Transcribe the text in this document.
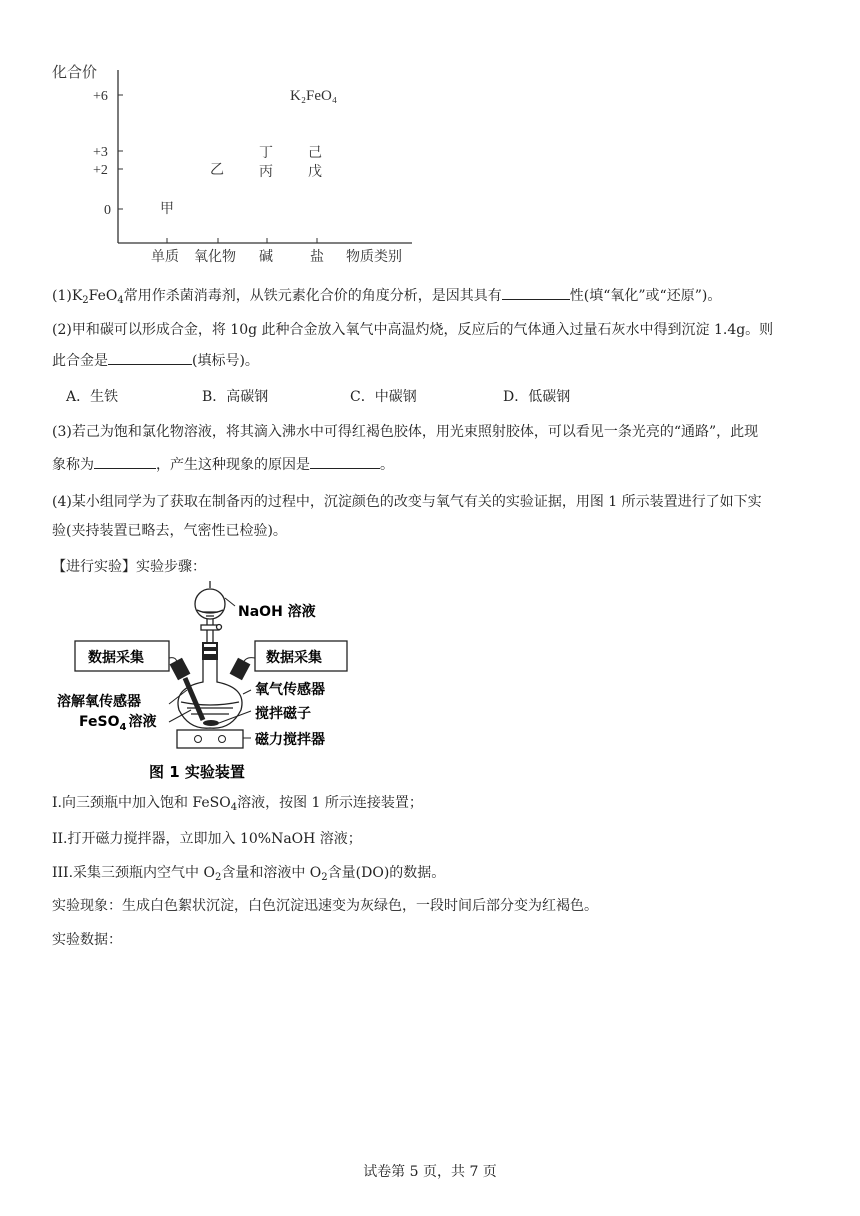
化合价
+6
+3
+2
0
单质 氧化物 碱	盐 物质类别
甲
乙	丙
丁
戊
己
K₂FeO₄
$(1)K_2FeO_4$常用作杀菌消毒剂，从铁元素化合价的角度分析，是因其具有	性(填“氧化”或“还原”)。
(2)甲和碳可以形成合金，将 10g 此种合金放入氧气中高温灼烧，反应后的气体通入过量石灰水中得到沉淀 1.4g。则
此合金是	(填标号)。
A．生铁	B．高碳钢	C．中碳钢	D．低碳钢
(3)若己为饱和氯化物溶液，将其滴入沸水中可得红褐色胶体，用光束照射胶体，可以看见一条光亮的“通路”，此现
象称为	，产生这种现象的原因是	。
(4)某小组同学为了获取在制备丙的过程中，沉淀颜色的改变与氧气有关的实验证据，用图 1 所示装置进行了如下实
验(夹持装置已略去，气密性已检验)。
【进行实验】实验步骤：
NaOH 溶液
数据采集	数据采集
溶解氧传感器
FeSO$_4$ 溶液
氧气传感器
搅拌磁子
磁力搅拌器
图 1 实验装置
I.向三颈瓶中加入饱和 FeSO$_4$溶液，按图 1 所示连接装置；
II.打开磁力搅拌器，立即加入 10%NaOH 溶液；
III.采集三颈瓶内空气中 $O_2$含量和溶液中 $O_2$含量(DO)的数据。
实验现象：生成白色絮状沉淀，白色沉淀迅速变为灰绿色，一段时间后部分变为红褐色。
实验数据：
试卷第 5 页，共 7 页
